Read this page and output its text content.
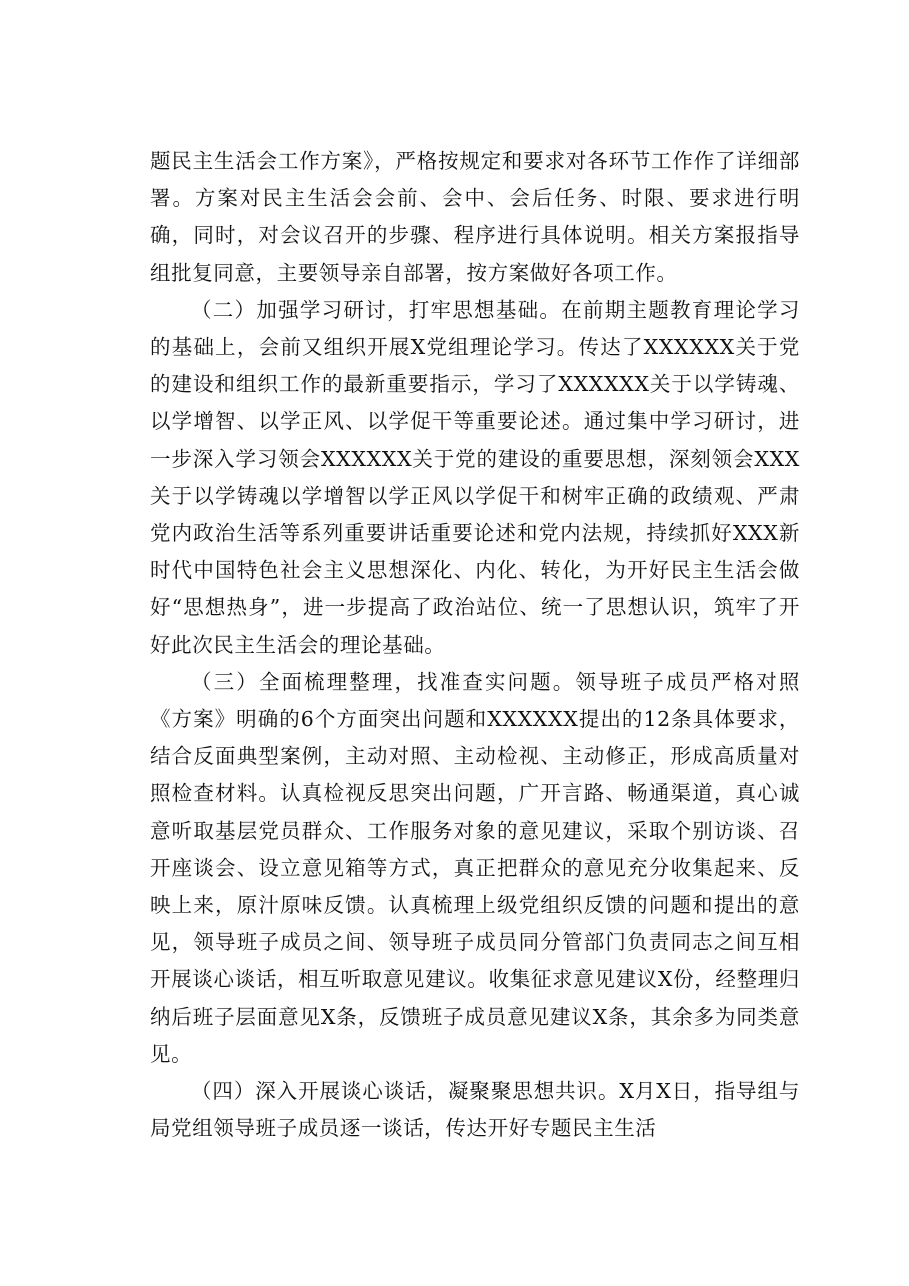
题民主生活会工作方案》，严格按规定和要求对各环节工作作了详细部署。方案对民主生活会会前、会中、会后任务、时限、要求进行明确，同时，对会议召开的步骤、程序进行具体说明。相关方案报指导组批复同意，主要领导亲自部署，按方案做好各项工作。

（二）加强学习研讨，打牢思想基础。在前期主题教育理论学习的基础上，会前又组织开展X党组理论学习。传达了XXXXXX关于党的建设和组织工作的最新重要指示，学习了XXXXXX关于以学铸魂、以学增智、以学正风、以学促干等重要论述。通过集中学习研讨，进一步深入学习领会XXXXXX关于党的建设的重要思想，深刻领会XXX关于以学铸魂以学增智以学正风以学促干和树牢正确的政绩观、严肃党内政治生活等系列重要讲话重要论述和党内法规，持续抓好XXX新时代中国特色社会主义思想深化、内化、转化，为开好民主生活会做好“思想热身”，进一步提高了政治站位、统一了思想认识，筑牢了开好此次民主生活会的理论基础。

（三）全面梳理整理，找准查实问题。领导班子成员严格对照《方案》明确的6个方面突出问题和XXXXXX提出的12条具体要求，结合反面典型案例，主动对照、主动检视、主动修正，形成高质量对照检查材料。认真检视反思突出问题，广开言路、畅通渠道，真心诚意听取基层党员群众、工作服务对象的意见建议，采取个别访谈、召开座谈会、设立意见箱等方式，真正把群众的意见充分收集起来、反映上来，原汁原味反馈。认真梳理上级党组织反馈的问题和提出的意见，领导班子成员之间、领导班子成员同分管部门负责同志之间互相开展谈心谈话，相互听取意见建议。收集征求意见建议X份，经整理归纳后班子层面意见X条，反馈班子成员意见建议X条，其余多为同类意见。

（四）深入开展谈心谈话，凝聚聚思想共识。X月X日，指导组与局党组领导班子成员逐一谈话，传达开好专题民主生活
